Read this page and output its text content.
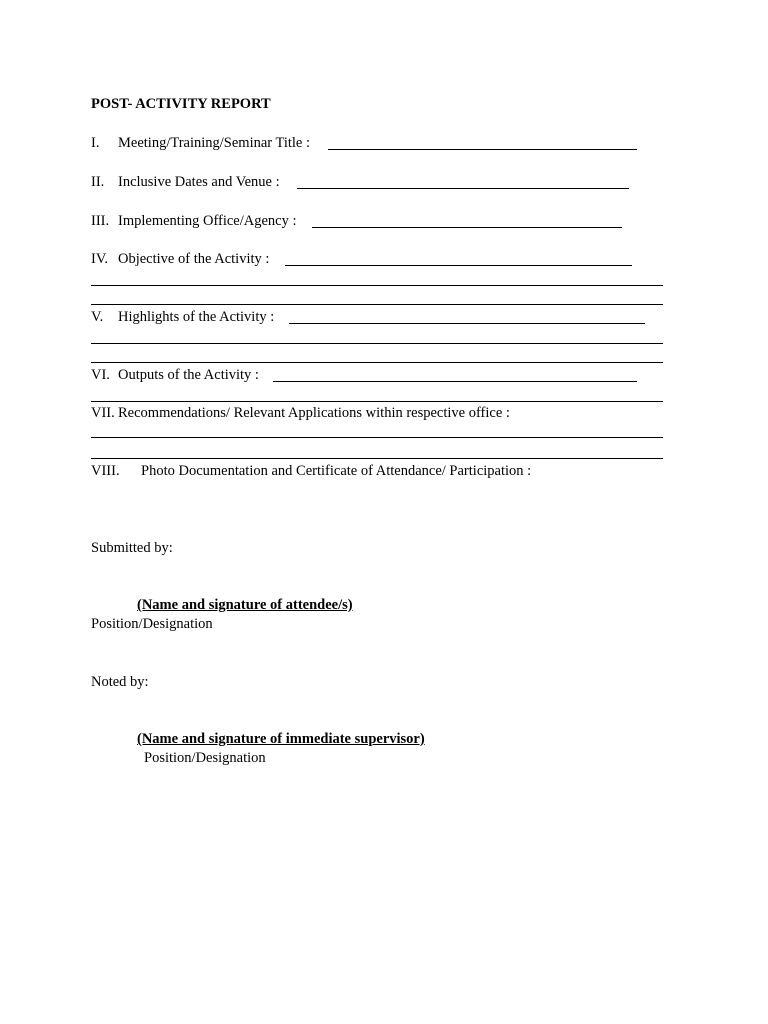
POST- ACTIVITY REPORT
I. Meeting/Training/Seminar Title :
II. Inclusive Dates and Venue :
III. Implementing Office/Agency :
IV. Objective of the Activity :
V. Highlights of the Activity :
VI. Outputs of the Activity :
VII. Recommendations/ Relevant Applications within respective office :
VIII. Photo Documentation and Certificate of Attendance/ Participation :
Submitted by:
(Name and signature of attendee/s)
Position/Designation
Noted by:
(Name and signature of immediate supervisor)
Position/Designation
